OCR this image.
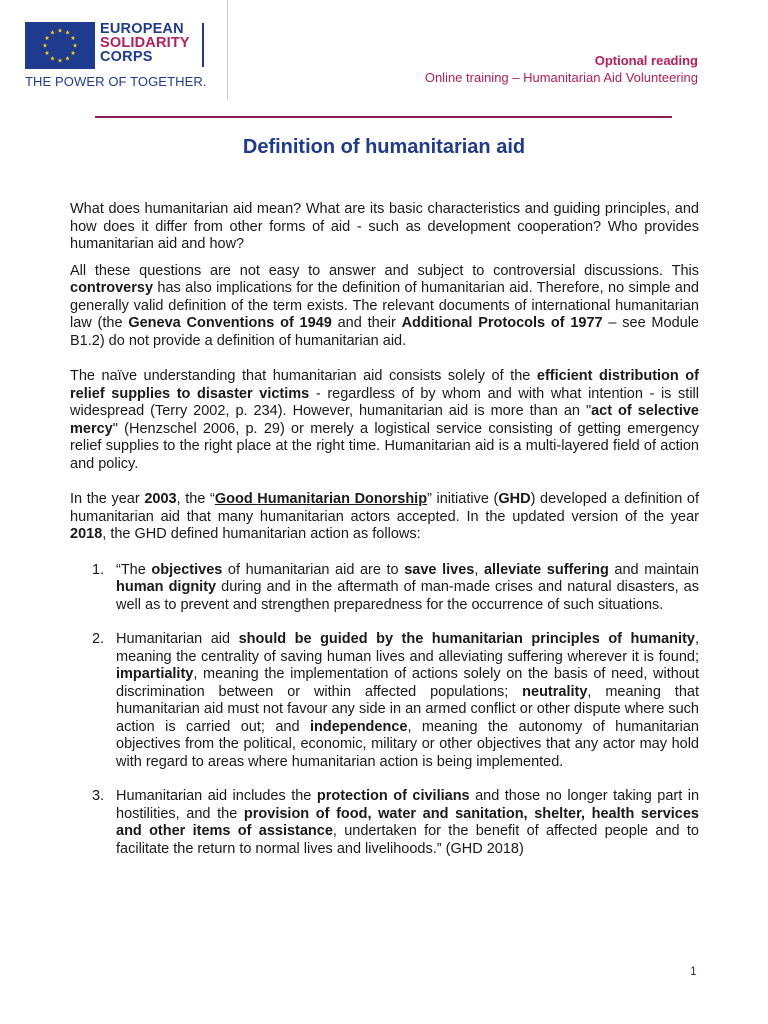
EUROPEAN
SOLIDARITY
CORPS
THE POWER OF TOGETHER.
Optional reading
Online training – Humanitarian Aid Volunteering
Definition of humanitarian aid

What does humanitarian aid mean? What are its basic characteristics and guiding principles, and how does it differ from other forms of aid - such as development cooperation? Who provides humanitarian aid and how?

All these questions are not easy to answer and subject to controversial discussions. This controversy has also implications for the definition of humanitarian aid. Therefore, no simple and generally valid definition of the term exists. The relevant documents of international humanitarian law (the Geneva Conventions of 1949 and their Additional Protocols of 1977 – see Module B1.2) do not provide a definition of humanitarian aid.

The naïve understanding that humanitarian aid consists solely of the efficient distribution of relief supplies to disaster victims - regardless of by whom and with what intention - is still widespread (Terry 2002, p. 234). However, humanitarian aid is more than an "act of selective mercy" (Henzschel 2006, p. 29) or merely a logistical service consisting of getting emergency relief supplies to the right place at the right time. Humanitarian aid is a multi-layered field of action and policy.

In the year 2003, the “Good Humanitarian Donorship” initiative (GHD) developed a definition of humanitarian aid that many humanitarian actors accepted. In the updated version of the year 2018, the GHD defined humanitarian action as follows:

1. “The objectives of humanitarian aid are to save lives, alleviate suffering and maintain human dignity during and in the aftermath of man-made crises and natural disasters, as well as to prevent and strengthen preparedness for the occurrence of such situations.
2. Humanitarian aid should be guided by the humanitarian principles of humanity, meaning the centrality of saving human lives and alleviating suffering wherever it is found; impartiality, meaning the implementation of actions solely on the basis of need, without discrimination between or within affected populations; neutrality, meaning that humanitarian aid must not favour any side in an armed conflict or other dispute where such action is carried out; and independence, meaning the autonomy of humanitarian objectives from the political, economic, military or other objectives that any actor may hold with regard to areas where humanitarian action is being implemented.
3. Humanitarian aid includes the protection of civilians and those no longer taking part in hostilities, and the provision of food, water and sanitation, shelter, health services and other items of assistance, undertaken for the benefit of affected people and to facilitate the return to normal lives and livelihoods.” (GHD 2018)
1
